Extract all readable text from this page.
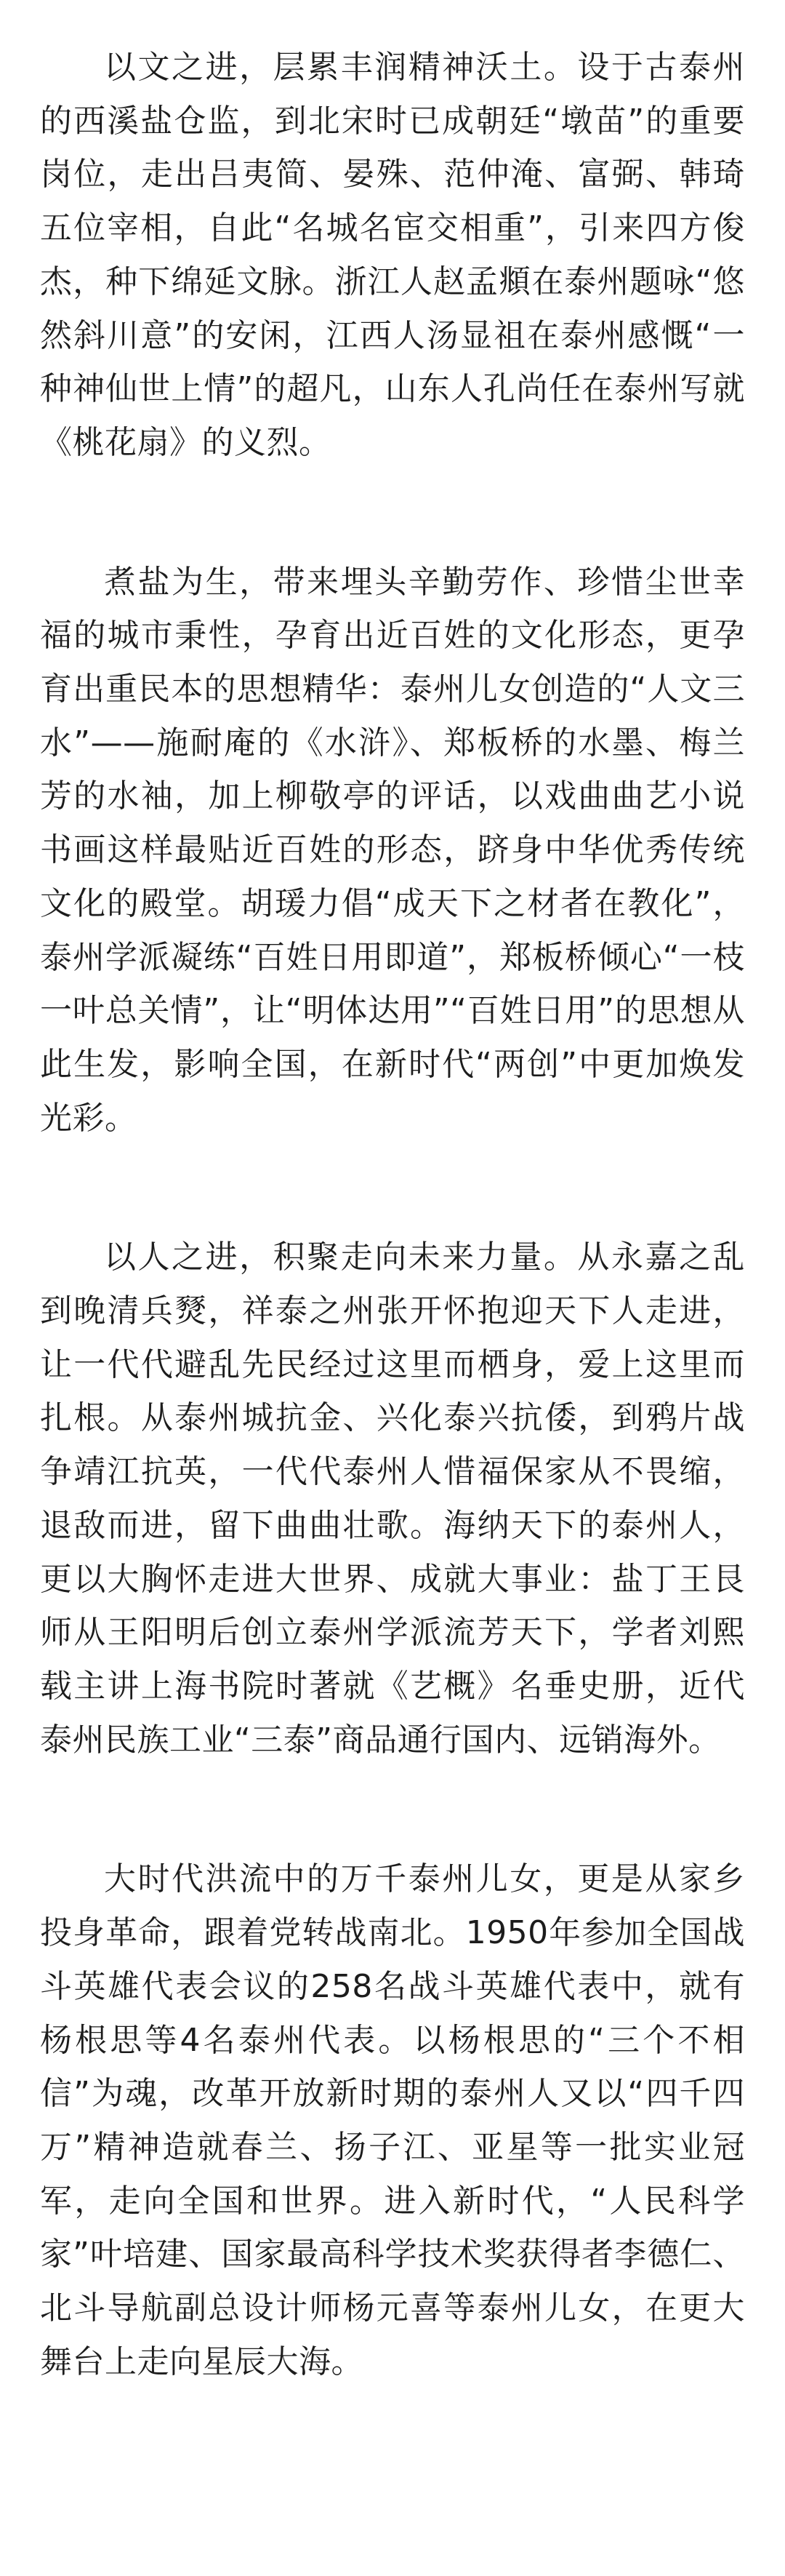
以文之进，层累丰润精神沃土。设于古泰州的西溪盐仓监，到北宋时已成朝廷“墩苗”的重要岗位，走出吕夷简、晏殊、范仲淹、富弼、韩琦五位宰相，自此“名城名宦交相重”，引来四方俊杰，种下绵延文脉。浙江人赵孟頫在泰州题咏“悠然斜川意”的安闲，江西人汤显祖在泰州感慨“一种神仙世上情”的超凡，山东人孔尚任在泰州写就《桃花扇》的义烈。

煮盐为生，带来埋头辛勤劳作、珍惜尘世幸福的城市秉性，孕育出近百姓的文化形态，更孕育出重民本的思想精华：泰州儿女创造的“人文三水”——施耐庵的《水浒》、郑板桥的水墨、梅兰芳的水袖，加上柳敬亭的评话，以戏曲曲艺小说书画这样最贴近百姓的形态，跻身中华优秀传统文化的殿堂。胡瑗力倡“成天下之材者在教化”，泰州学派凝练“百姓日用即道”，郑板桥倾心“一枝一叶总关情”，让“明体达用”“百姓日用”的思想从此生发，影响全国，在新时代“两创”中更加焕发光彩。

以人之进，积聚走向未来力量。从永嘉之乱到晚清兵燹，祥泰之州张开怀抱迎天下人走进，让一代代避乱先民经过这里而栖身，爱上这里而扎根。从泰州城抗金、兴化泰兴抗倭，到鸦片战争靖江抗英，一代代泰州人惜福保家从不畏缩，退敌而进，留下曲曲壮歌。海纳天下的泰州人，更以大胸怀走进大世界、成就大事业：盐丁王艮师从王阳明后创立泰州学派流芳天下，学者刘熙载主讲上海书院时著就《艺概》名垂史册，近代泰州民族工业“三泰”商品通行国内、远销海外。

大时代洪流中的万千泰州儿女，更是从家乡投身革命，跟着党转战南北。1950年参加全国战斗英雄代表会议的258名战斗英雄代表中，就有杨根思等4名泰州代表。以杨根思的“三个不相信”为魂，改革开放新时期的泰州人又以“四千四万”精神造就春兰、扬子江、亚星等一批实业冠军，走向全国和世界。进入新时代，“人民科学家”叶培建、国家最高科学技术奖获得者李德仁、北斗导航副总设计师杨元喜等泰州儿女，在更大舞台上走向星辰大海。
